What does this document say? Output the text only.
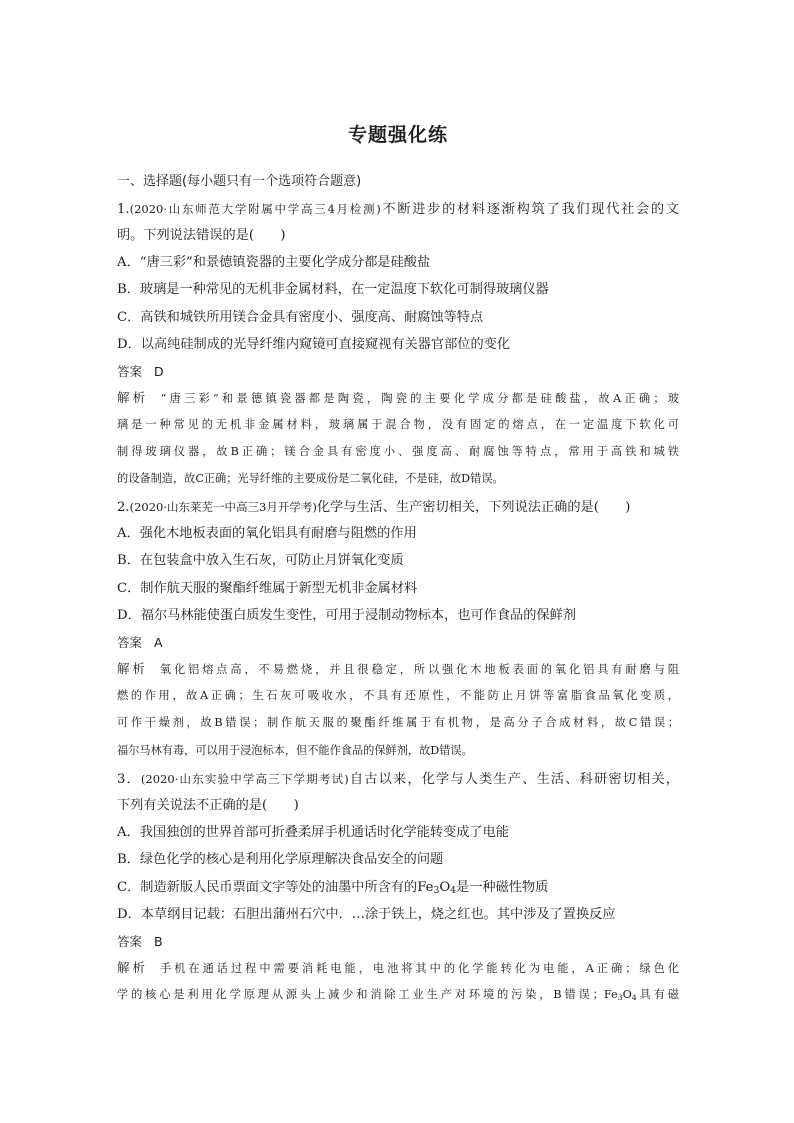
专题强化练
一、选择题(每小题只有一个选项符合题意)
1.(2020·山东师范大学附属中学高三4月检测)不断进步的材料逐渐构筑了我们现代社会的文
明。下列说法错误的是(　　)
A．“唐三彩”和景德镇瓷器的主要化学成分都是硅酸盐
B．玻璃是一种常见的无机非金属材料，在一定温度下软化可制得玻璃仪器
C．高铁和城铁所用镁合金具有密度小、强度高、耐腐蚀等特点
D．以高纯硅制成的光导纤维内窥镜可直接窥视有关器官部位的变化
答案 D
解析 “唐三彩”和景德镇瓷器都是陶瓷，陶瓷的主要化学成分都是硅酸盐，故A正确；玻
璃是一种常见的无机非金属材料，玻璃属于混合物，没有固定的熔点，在一定温度下软化可
制得玻璃仪器，故B正确；镁合金具有密度小、强度高、耐腐蚀等特点，常用于高铁和城铁
的设备制造，故C正确；光导纤维的主要成份是二氧化硅，不是硅，故D错误。
2.(2020·山东莱芜一中高三3月开学考)化学与生活、生产密切相关，下列说法正确的是(　　)
A．强化木地板表面的氧化铝具有耐磨与阻燃的作用
B．在包装盒中放入生石灰，可防止月饼氧化变质
C．制作航天服的聚酯纤维属于新型无机非金属材料
D．福尔马林能使蛋白质发生变性，可用于浸制动物标本，也可作食品的保鲜剂
答案 A
解析 氧化铝熔点高，不易燃烧，并且很稳定，所以强化木地板表面的氧化铝具有耐磨与阻
燃的作用，故A正确；生石灰可吸收水，不具有还原性，不能防止月饼等富脂食品氧化变质，
可作干燥剂，故B错误；制作航天服的聚酯纤维属于有机物，是高分子合成材料，故C错误；
福尔马林有毒，可以用于浸泡标本，但不能作食品的保鲜剂，故D错误。
3．(2020·山东实验中学高三下学期考试)自古以来，化学与人类生产、生活、科研密切相关，
下列有关说法不正确的是(　　)
A．我国独创的世界首部可折叠柔屏手机通话时化学能转变成了电能
B．绿色化学的核心是利用化学原理解决食品安全的问题
C．制造新版人民币票面文字等处的油墨中所含有的$Fe_3O_4$是一种磁性物质
D．本草纲目记载：石胆出蒲州石穴中．…涂于铁上，烧之红也。其中涉及了置换反应
答案 B
解析 手机在通话过程中需要消耗电能，电池将其中的化学能转化为电能，A正确；绿色化
学的核心是利用化学原理从源头上减少和消除工业生产对环境的污染，B错误；$Fe_3O_4$具有磁
